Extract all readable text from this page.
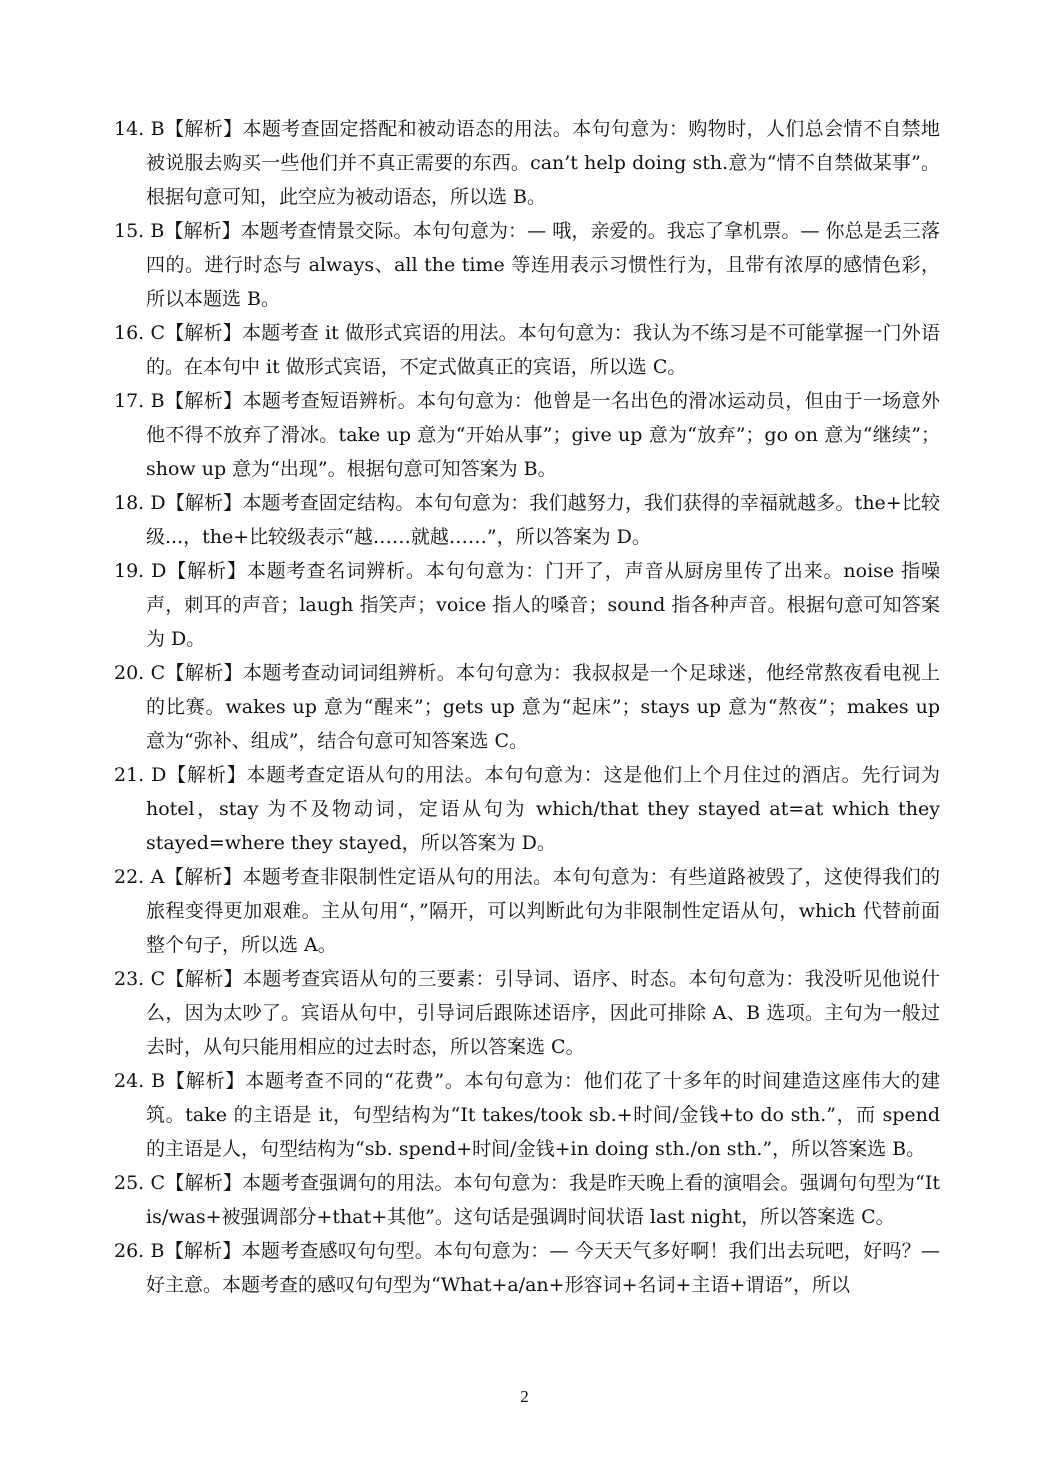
14. B【解析】本题考查固定搭配和被动语态的用法。本句句意为：购物时，人们总会情不自禁地被说服去购买一些他们并不真正需要的东西。can’t help doing sth.意为“情不自禁做某事”。根据句意可知，此空应为被动语态，所以选 B。

15. B【解析】本题考查情景交际。本句句意为：— 哦，亲爱的。我忘了拿机票。— 你总是丢三落四的。进行时态与 always、all the time 等连用表示习惯性行为，且带有浓厚的感情色彩，所以本题选 B。

16. C【解析】本题考查 it 做形式宾语的用法。本句句意为：我认为不练习是不可能掌握一门外语的。在本句中 it 做形式宾语，不定式做真正的宾语，所以选 C。

17. B【解析】本题考查短语辨析。本句句意为：他曾是一名出色的滑冰运动员，但由于一场意外他不得不放弃了滑冰。take up 意为“开始从事”；give up 意为“放弃”；go on 意为“继续”；show up 意为“出现”。根据句意可知答案为 B。

18. D【解析】本题考查固定结构。本句句意为：我们越努力，我们获得的幸福就越多。the+比较级...，the+比较级表示“越……就越……”，所以答案为 D。

19. D【解析】本题考查名词辨析。本句句意为：门开了，声音从厨房里传了出来。noise 指噪声，刺耳的声音；laugh 指笑声；voice 指人的嗓音；sound 指各种声音。根据句意可知答案为 D。

20. C【解析】本题考查动词词组辨析。本句句意为：我叔叔是一个足球迷，他经常熬夜看电视上的比赛。wakes up 意为“醒来”；gets up 意为“起床”；stays up 意为“熬夜”；makes up 意为“弥补、组成”，结合句意可知答案选 C。

21. D【解析】本题考查定语从句的用法。本句句意为：这是他们上个月住过的酒店。先行词为 hotel，stay 为不及物动词，定语从句为 which/that they stayed at=at which they stayed=where they stayed，所以答案为 D。

22. A【解析】本题考查非限制性定语从句的用法。本句句意为：有些道路被毁了，这使得我们的旅程变得更加艰难。主从句用“，”隔开，可以判断此句为非限制性定语从句，which 代替前面整个句子，所以选 A。

23. C【解析】本题考查宾语从句的三要素：引导词、语序、时态。本句句意为：我没听见他说什么，因为太吵了。宾语从句中，引导词后跟陈述语序，因此可排除 A、B 选项。主句为一般过去时，从句只能用相应的过去时态，所以答案选 C。

24. B【解析】本题考查不同的“花费”。本句句意为：他们花了十多年的时间建造这座伟大的建筑。take 的主语是 it，句型结构为“It takes/took sb.+时间/金钱+to do sth.”，而 spend 的主语是人，句型结构为“sb. spend+时间/金钱+in doing sth./on sth.”，所以答案选 B。

25. C【解析】本题考查强调句的用法。本句句意为：我是昨天晚上看的演唱会。强调句句型为“It is/was+被强调部分+that+其他”。这句话是强调时间状语 last night，所以答案选 C。

26. B【解析】本题考查感叹句句型。本句句意为：— 今天天气多好啊！我们出去玩吧，好吗？— 好主意。本题考查的感叹句句型为“What+a/an+形容词+名词+主语+谓语”，所以

2
